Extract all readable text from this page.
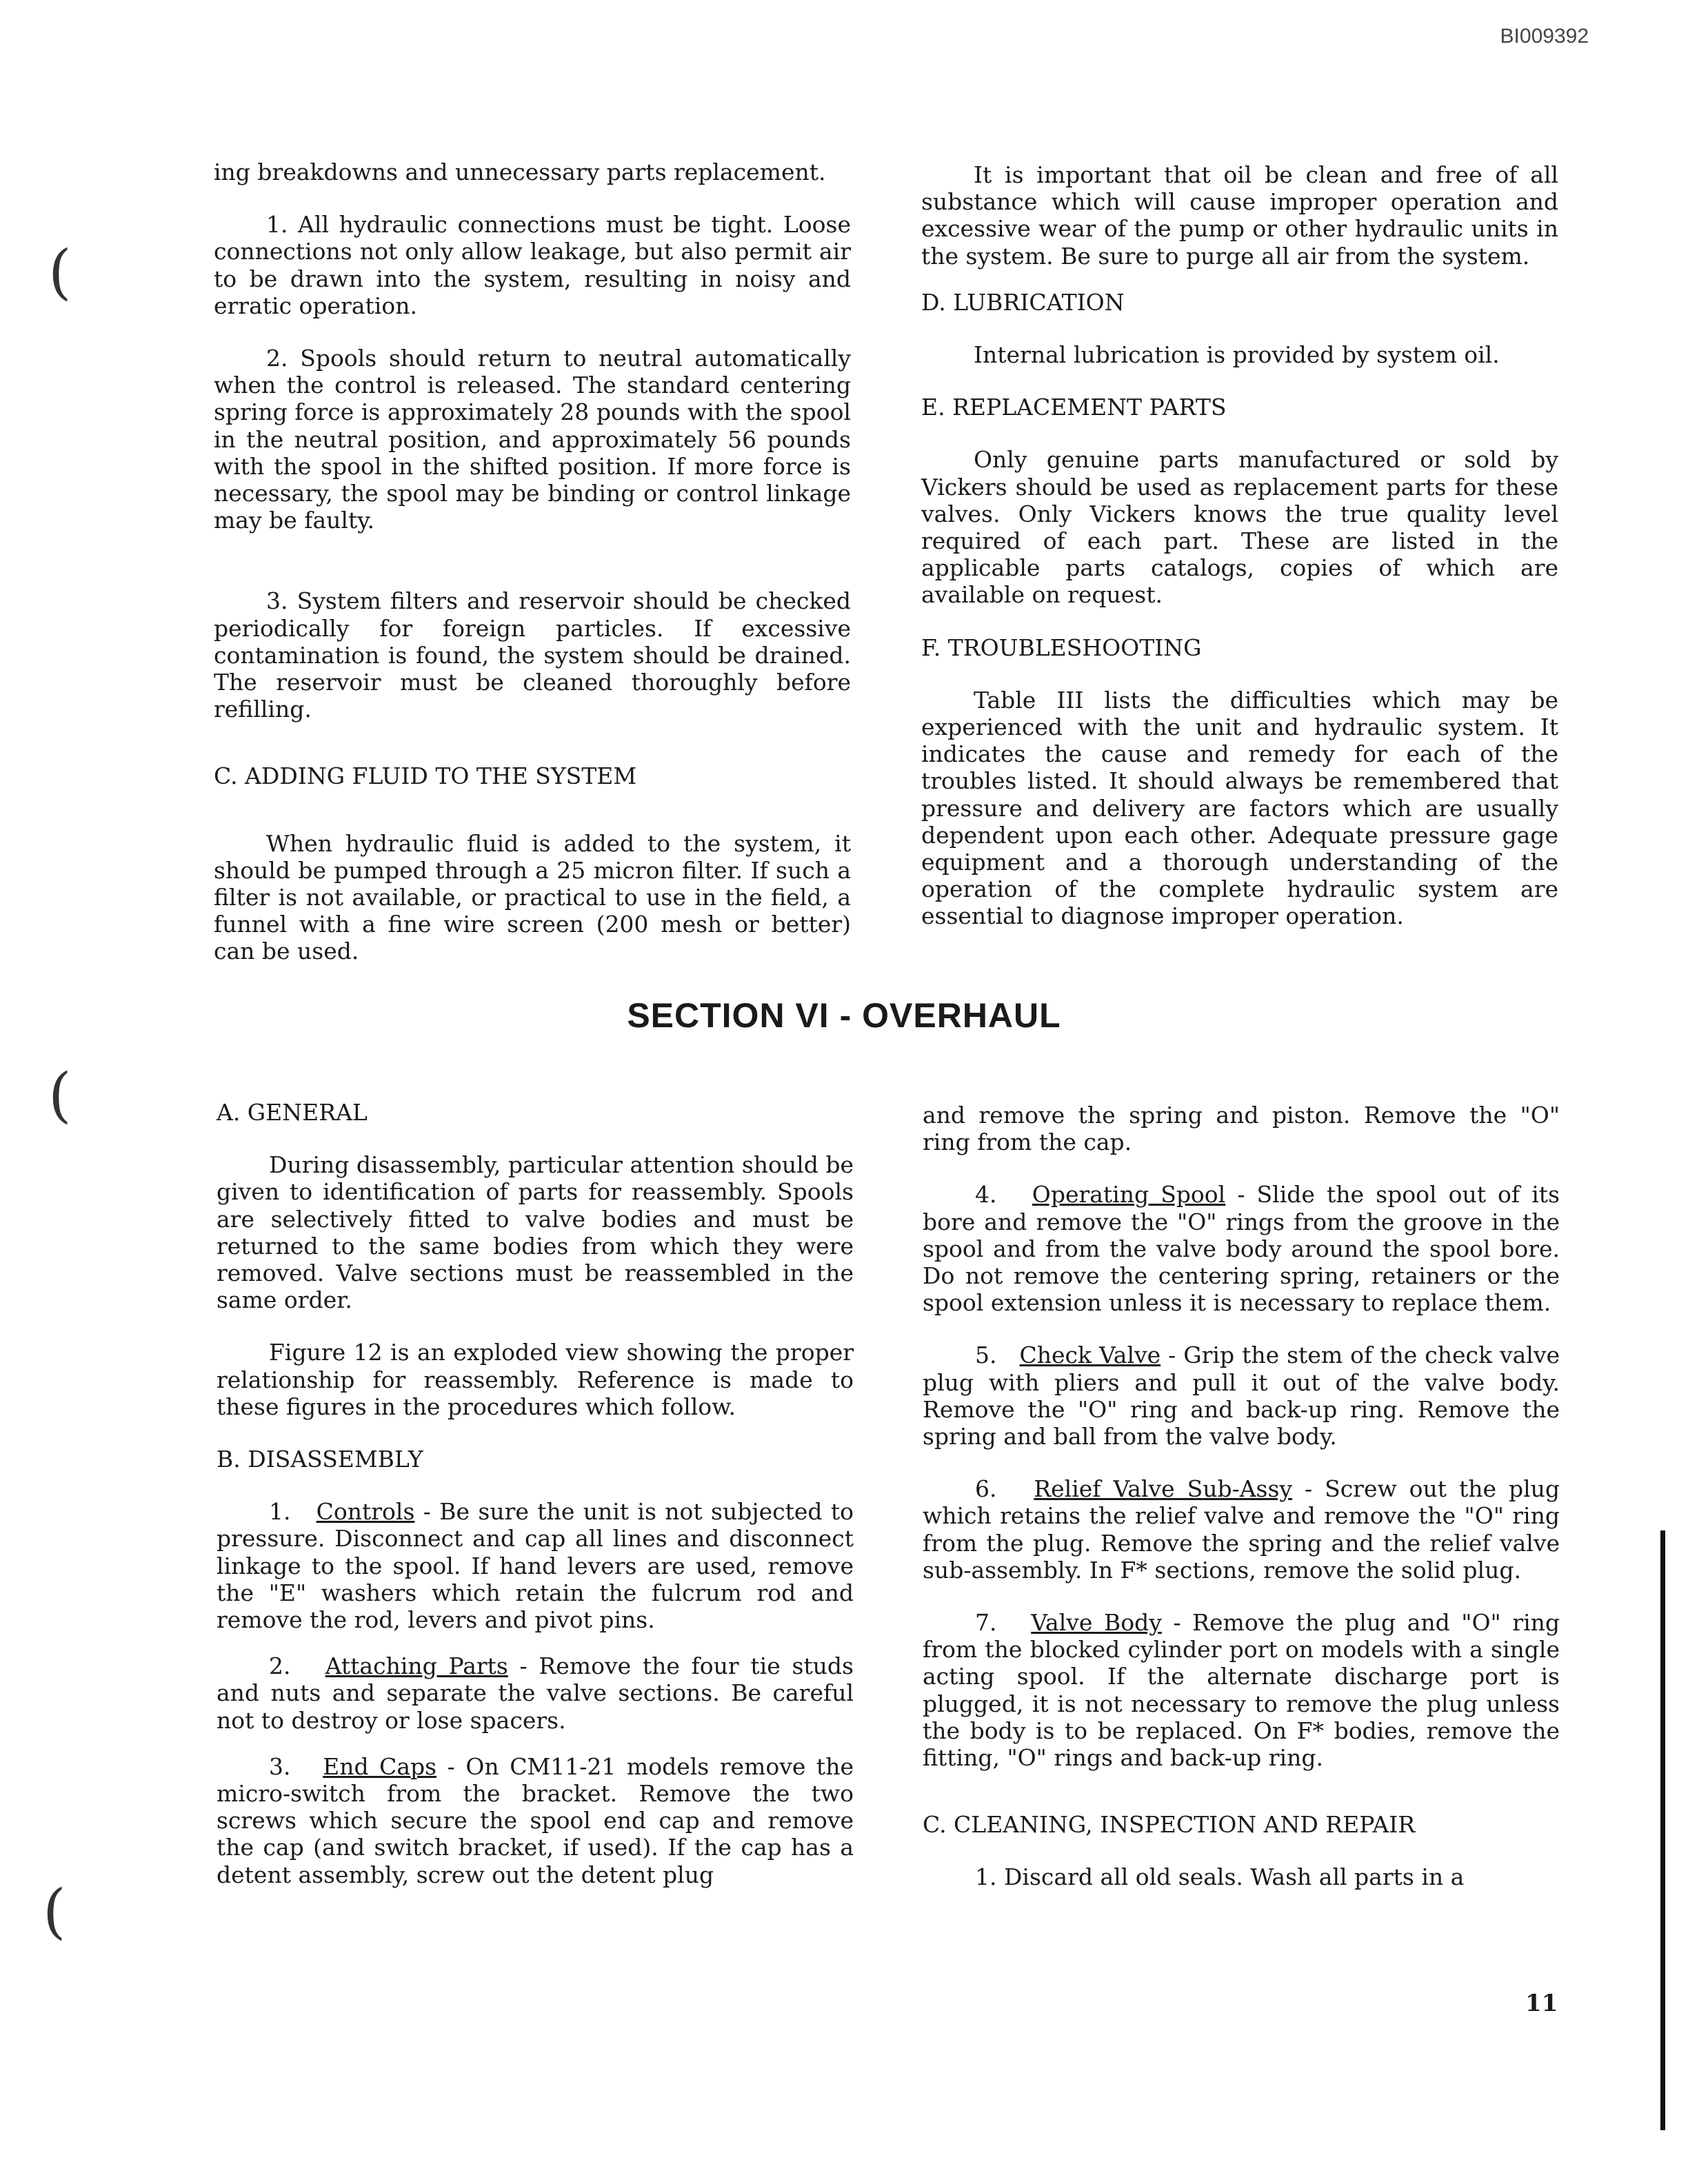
BI009392
(
(
(

ing breakdowns and unnecessary parts replacement.

1. All hydraulic connections must be tight. Loose connections not only allow leakage, but also permit air to be drawn into the system, resulting in noisy and erratic operation.

2. Spools should return to neutral automatically when the control is released. The standard centering spring force is approximately 28 pounds with the spool in the neutral position, and approximately 56 pounds with the spool in the shifted position. If more force is necessary, the spool may be binding or control linkage may be faulty.

3. System filters and reservoir should be checked periodically for foreign particles. If excessive contamination is found, the system should be drained. The reservoir must be cleaned thoroughly before refilling.

C. ADDING FLUID TO THE SYSTEM

When hydraulic fluid is added to the system, it should be pumped through a 25 micron filter. If such a filter is not available, or practical to use in the field, a funnel with a fine wire screen (200 mesh or better) can be used.

It is important that oil be clean and free of all substance which will cause improper operation and excessive wear of the pump or other hydraulic units in the system. Be sure to purge all air from the system.

D. LUBRICATION

Internal lubrication is provided by system oil.

E. REPLACEMENT PARTS

Only genuine parts manufactured or sold by Vickers should be used as replacement parts for these valves. Only Vickers knows the true quality level required of each part. These are listed in the applicable parts catalogs, copies of which are available on request.

F. TROUBLESHOOTING

Table III lists the difficulties which may be experienced with the unit and hydraulic system. It indicates the cause and remedy for each of the troubles listed. It should always be remembered that pressure and delivery are factors which are usually dependent upon each other. Adequate pressure gage equipment and a thorough understanding of the operation of the complete hydraulic system are essential to diagnose improper operation.

SECTION VI - OVERHAUL

A. GENERAL

During disassembly, particular attention should be given to identification of parts for reassembly. Spools are selectively fitted to valve bodies and must be returned to the same bodies from which they were removed. Valve sections must be reassembled in the same order.

Figure 12 is an exploded view showing the proper relationship for reassembly. Reference is made to these figures in the procedures which follow.

B. DISASSEMBLY

1. Controls - Be sure the unit is not subjected to pressure. Disconnect and cap all lines and disconnect linkage to the spool. If hand levers are used, remove the "E" washers which retain the fulcrum rod and remove the rod, levers and pivot pins.

2. Attaching Parts - Remove the four tie studs and nuts and separate the valve sections. Be careful not to destroy or lose spacers.

3. End Caps - On CM11-21 models remove the micro-switch from the bracket. Remove the two screws which secure the spool end cap and remove the cap (and switch bracket, if used). If the cap has a detent assembly, screw out the detent plug

and remove the spring and piston. Remove the "O" ring from the cap.

4. Operating Spool - Slide the spool out of its bore and remove the "O" rings from the groove in the spool and from the valve body around the spool bore. Do not remove the centering spring, retainers or the spool extension unless it is necessary to replace them.

5. Check Valve - Grip the stem of the check valve plug with pliers and pull it out of the valve body. Remove the "O" ring and back-up ring. Remove the spring and ball from the valve body.

6. Relief Valve Sub-Assy - Screw out the plug which retains the relief valve and remove the "O" ring from the plug. Remove the spring and the relief valve sub-assembly. In F* sections, remove the solid plug.

7. Valve Body - Remove the plug and "O" ring from the blocked cylinder port on models with a single acting spool. If the alternate discharge port is plugged, it is not necessary to remove the plug unless the body is to be replaced. On F* bodies, remove the fitting, "O" rings and back-up ring.

C. CLEANING, INSPECTION AND REPAIR

1. Discard all old seals. Wash all parts in a

11
